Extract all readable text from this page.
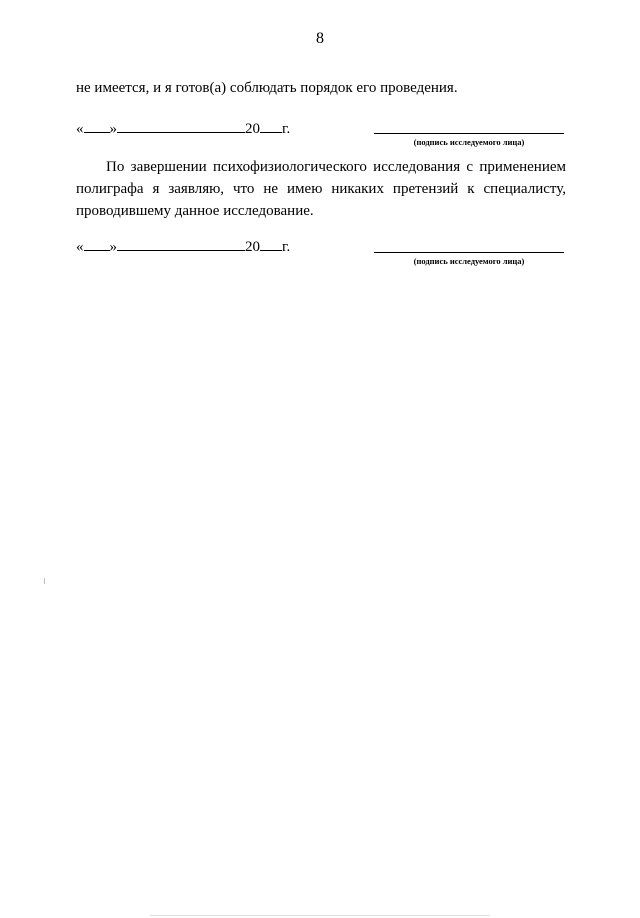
8
не имеется, и я готов(а) соблюдать порядок его проведения.
« »	20 г.
(подпись исследуемого лица)
По завершении психофизиологического исследования с применением полиграфа я заявляю, что не имею никаких претензий к специалисту, проводившему данное исследование.
« »	20 г.
(подпись исследуемого лица)
